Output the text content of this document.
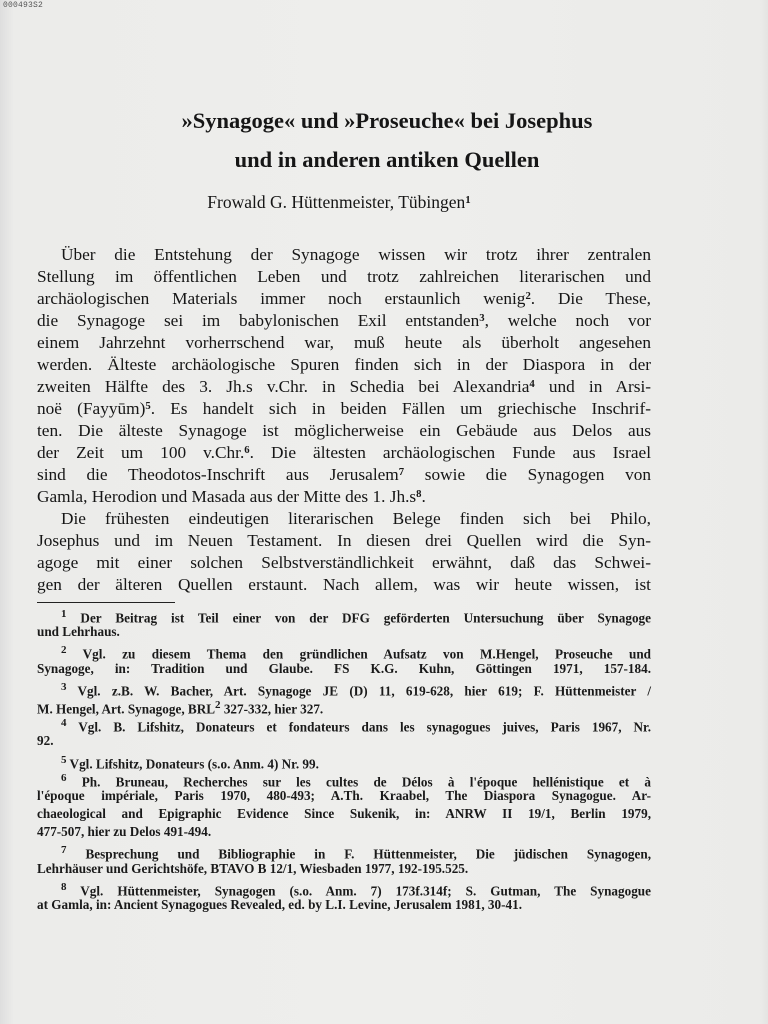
000493S2
»Synagoge« und »Proseuche« bei Josephus
und in anderen antiken Quellen
Frowald G. Hüttenmeister, Tübingen$^1$
Über die Entstehung der Synagoge wissen wir trotz ihrer zentralen
Stellung im öffentlichen Leben und trotz zahlreichen literarischen und
archäologischen Materials immer noch erstaunlich wenig$^2$. Die These,
die Synagoge sei im babylonischen Exil entstanden$^3$, welche noch vor
einem Jahrzehnt vorherrschend war, muß heute als überholt angesehen
werden. Älteste archäologische Spuren finden sich in der Diaspora in der
zweiten Hälfte des 3. Jh.s v.Chr. in Schedia bei Alexandria$^4$ und in Arsi-
noë (Fayyūm)$^5$. Es handelt sich in beiden Fällen um griechische Inschrif-
ten. Die älteste Synagoge ist möglicherweise ein Gebäude aus Delos aus
der Zeit um 100 v.Chr.$^6$. Die ältesten archäologischen Funde aus Israel
sind die Theodotos-Inschrift aus Jerusalem$^7$ sowie die Synagogen von
Gamla, Herodion und Masada aus der Mitte des 1. $Jh.s^8$.
Die frühesten eindeutigen literarischen Belege finden sich bei Philo,
Josephus und im Neuen Testament. In diesen drei Quellen wird die Syn-
agoge mit einer solchen Selbstverständlichkeit erwähnt, daß das Schwei-
gen der älteren Quellen erstaunt. Nach allem, was wir heute wissen, ist
$^1$ Der Beitrag ist Teil einer von der DFG geförderten Untersuchung über Synagoge
und Lehrhaus.
$^2$ Vgl. zu diesem Thema den gründlichen Aufsatz von M.Hengel, Proseuche und
Synagoge, in: Tradition und Glaube. FS K.G. Kuhn, Göttingen 1971, 157-184.
$^3$ Vgl. z.B. W. Bacher, Art. Synagoge JE (D) 11, 619-628, hier 619; F. Hüttenmeister /
M. Hengel, Art. Synagoge, BRL$^2$ 327-332, hier 327.
$^4$ Vgl. B. Lifshitz, Donateurs et fondateurs dans les synagogues juives, Paris 1967, Nr.
92.
$^5$ Vgl. Lifshitz, Donateurs (s.o. Anm. 4) Nr. 99.
$^6$ Ph. Bruneau, Recherches sur les cultes de Délos à l'époque hellénistique et à
l'époque impériale, Paris 1970, 480-493; A.Th. Kraabel, The Diaspora Synagogue. Ar-
chaeological and Epigraphic Evidence Since Sukenik, in: ANRW II 19/1, Berlin 1979,
477-507, hier zu Delos 491-494.
$^7$ Besprechung und Bibliographie in F. Hüttenmeister, Die jüdischen Synagogen,
Lehrhäuser und Gerichtshöfe, BTAVO B 12/1, Wiesbaden 1977, 192-195.525.
$^8$ Vgl. Hüttenmeister, Synagogen (s.o. Anm. 7) 173f.314f; S. Gutman, The Synagogue
at Gamla, in: Ancient Synagogues Revealed, ed. by L.I. Levine, Jerusalem 1981, 30-41.
